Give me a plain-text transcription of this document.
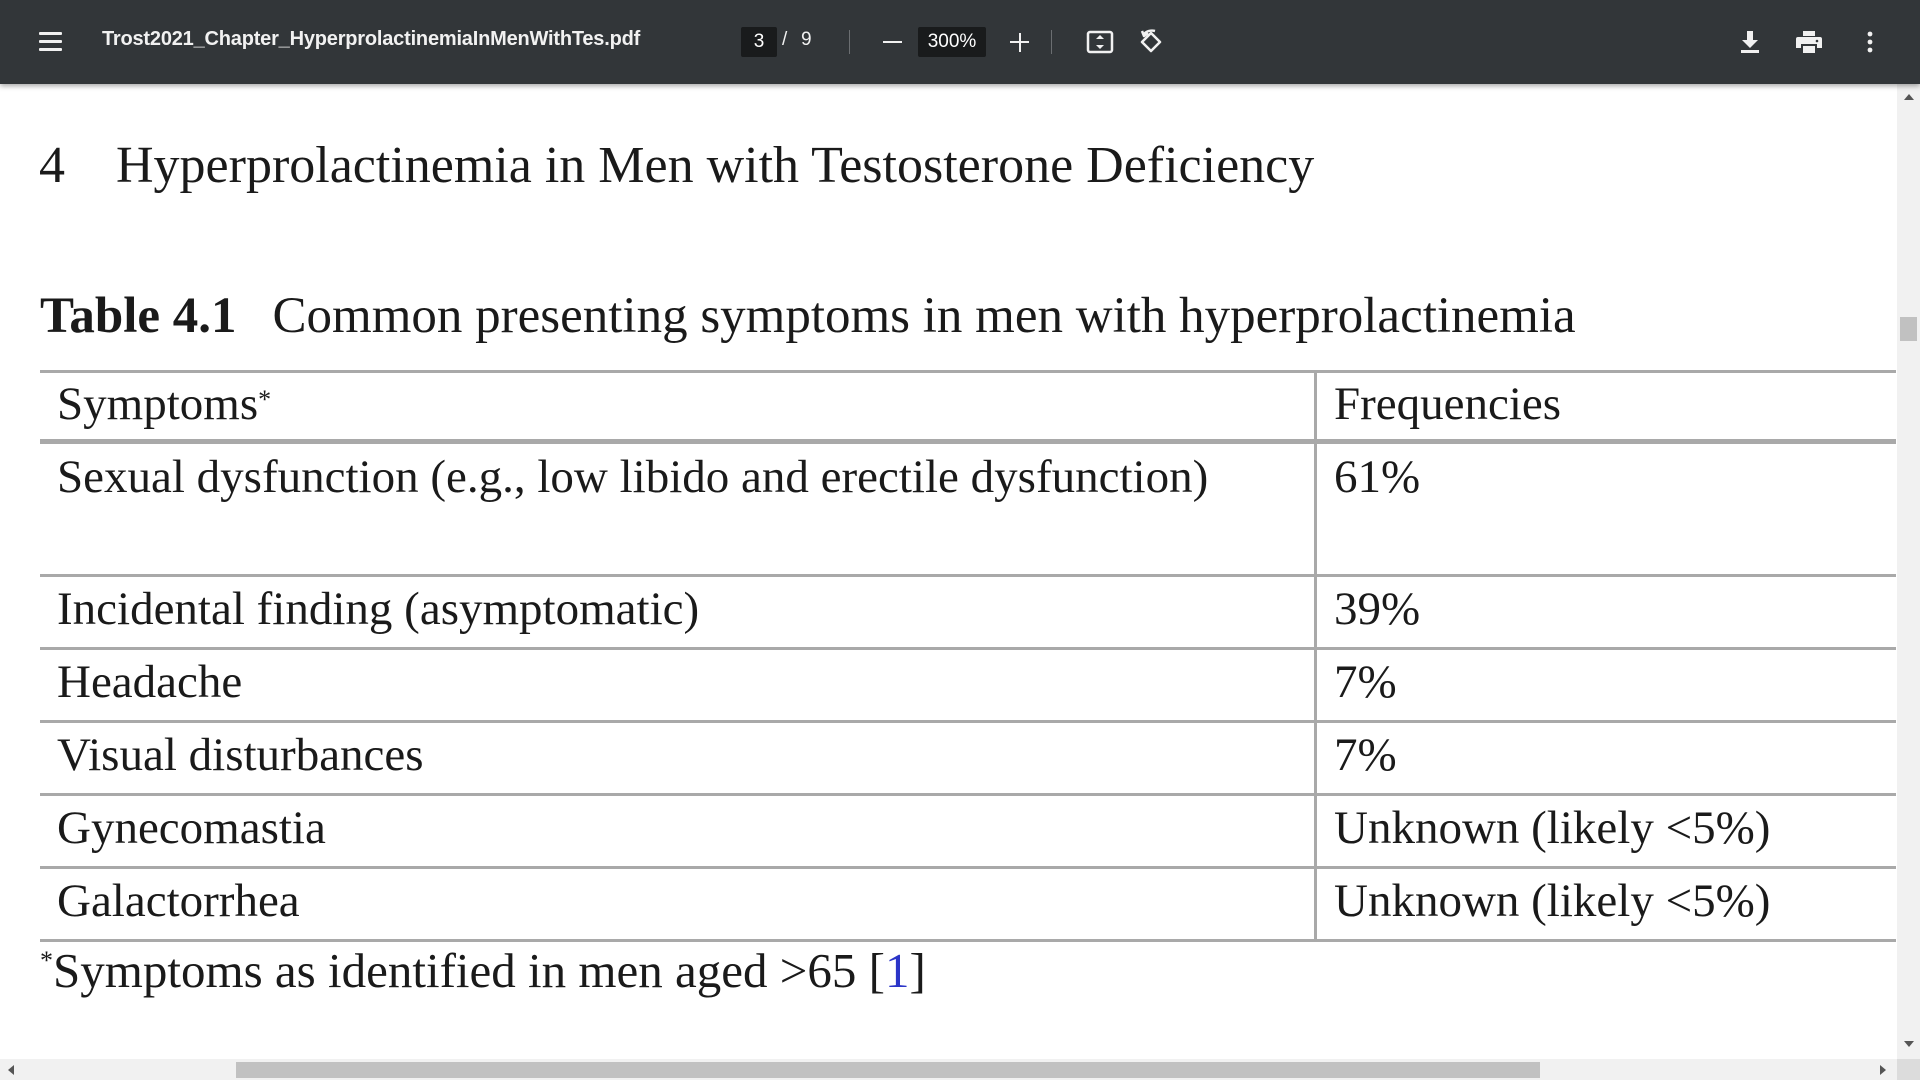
Trost2021_Chapter_HyperprolactinemiaInMenWithTes.pdf	3 / 9	300%
4 Hyperprolactinemia in Men with Testosterone Deficiency
Table 4.1 Common presenting symptoms in men with hyperprolactinemia
Symptoms*	Frequencies
Sexual dysfunction (e.g., low libido and erectile dysfunction)	61%
Incidental finding (asymptomatic)	39%
Headache	7%
Visual disturbances	7%
Gynecomastia	Unknown (likely <5%)
Galactorrhea	Unknown (likely <5%)
*Symptoms as identified in men aged >65 [1]
